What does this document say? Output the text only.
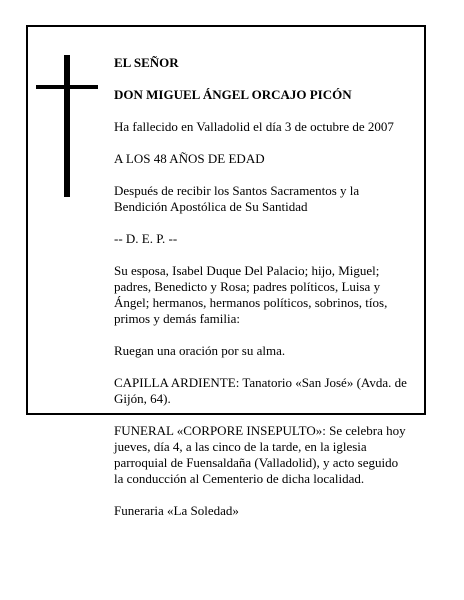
EL SEÑOR

DON MIGUEL ÁNGEL ORCAJO PICÓN

Ha fallecido en Valladolid el día 3 de octubre de 2007

A LOS 48 AÑOS DE EDAD

Después de recibir los Santos Sacramentos y la
Bendición Apostólica de Su Santidad

-- D. E. P. --

Su esposa, Isabel Duque Del Palacio; hijo, Miguel;
padres, Benedicto y Rosa; padres políticos, Luisa y
Ángel; hermanos, hermanos políticos, sobrinos, tíos,
primos y demás familia:

Ruegan una oración por su alma.

CAPILLA ARDIENTE: Tanatorio «San José» (Avda. de
Gijón, 64).

FUNERAL «CORPORE INSEPULTO»: Se celebra hoy
jueves, día 4, a las cinco de la tarde, en la iglesia
parroquial de Fuensaldaña (Valladolid), y acto seguido
la conducción al Cementerio de dicha localidad.

Funeraria «La Soledad»
